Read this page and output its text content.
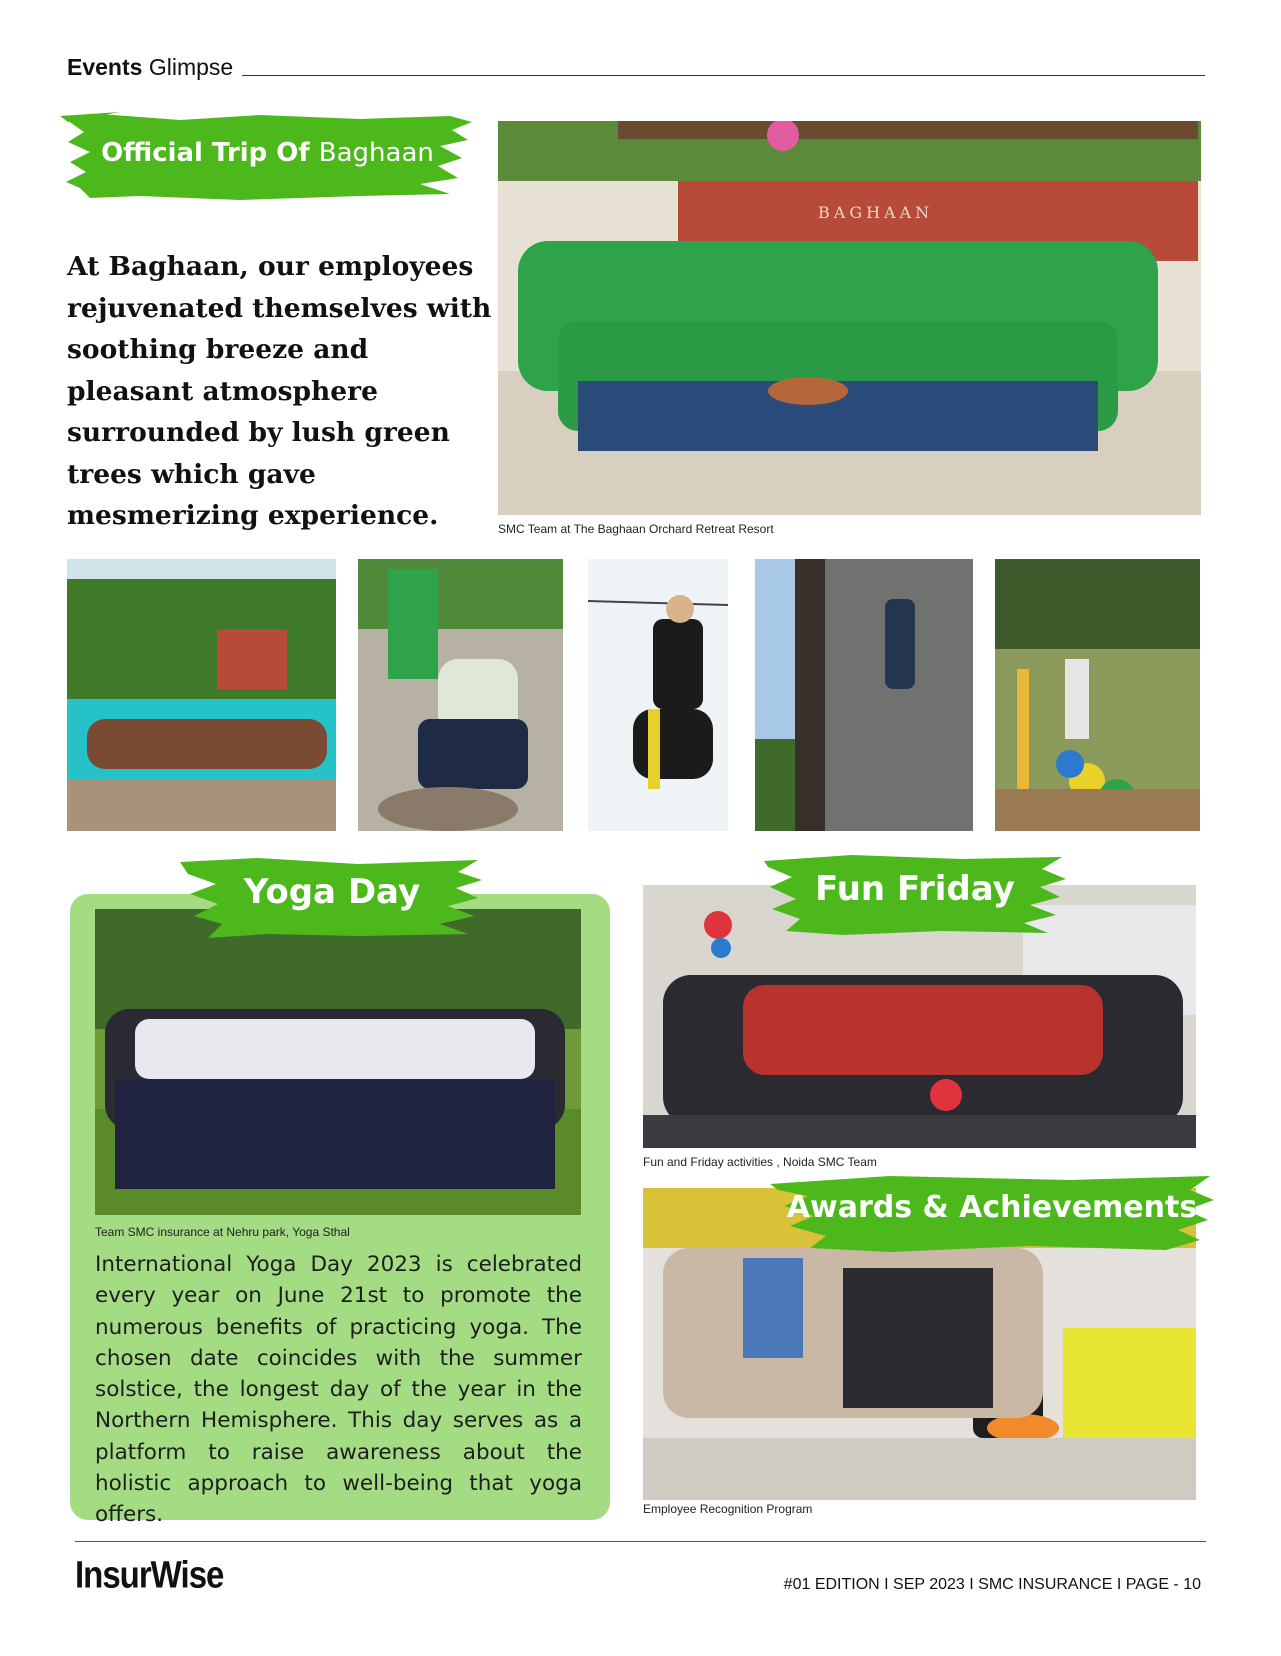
Events Glimpse
Official Trip Of Baghaan
At Baghaan, our employees rejuvenated themselves with soothing breeze and pleasant atmosphere surrounded by lush green trees which gave mesmerizing experience.
BAGHAAN
SMC Team at The Baghaan Orchard Retreat Resort
Team SMC insurance at Nehru park, Yoga Sthal
International Yoga Day 2023 is celebrated every year on June 21st to promote the numerous benefits of practicing yoga. The chosen date coincides with the summer solstice, the longest day of the year in the Northern Hemisphere. This day serves as a platform to raise awareness about the holistic approach to well-being that yoga offers.
Yoga Day
Fun and Friday activities , Noida SMC Team
Fun Friday
Employee Recognition Program
Awards & Achievements
InsurWise	#01 EDITION I SEP 2023 I SMC INSURANCE I PAGE - 10
